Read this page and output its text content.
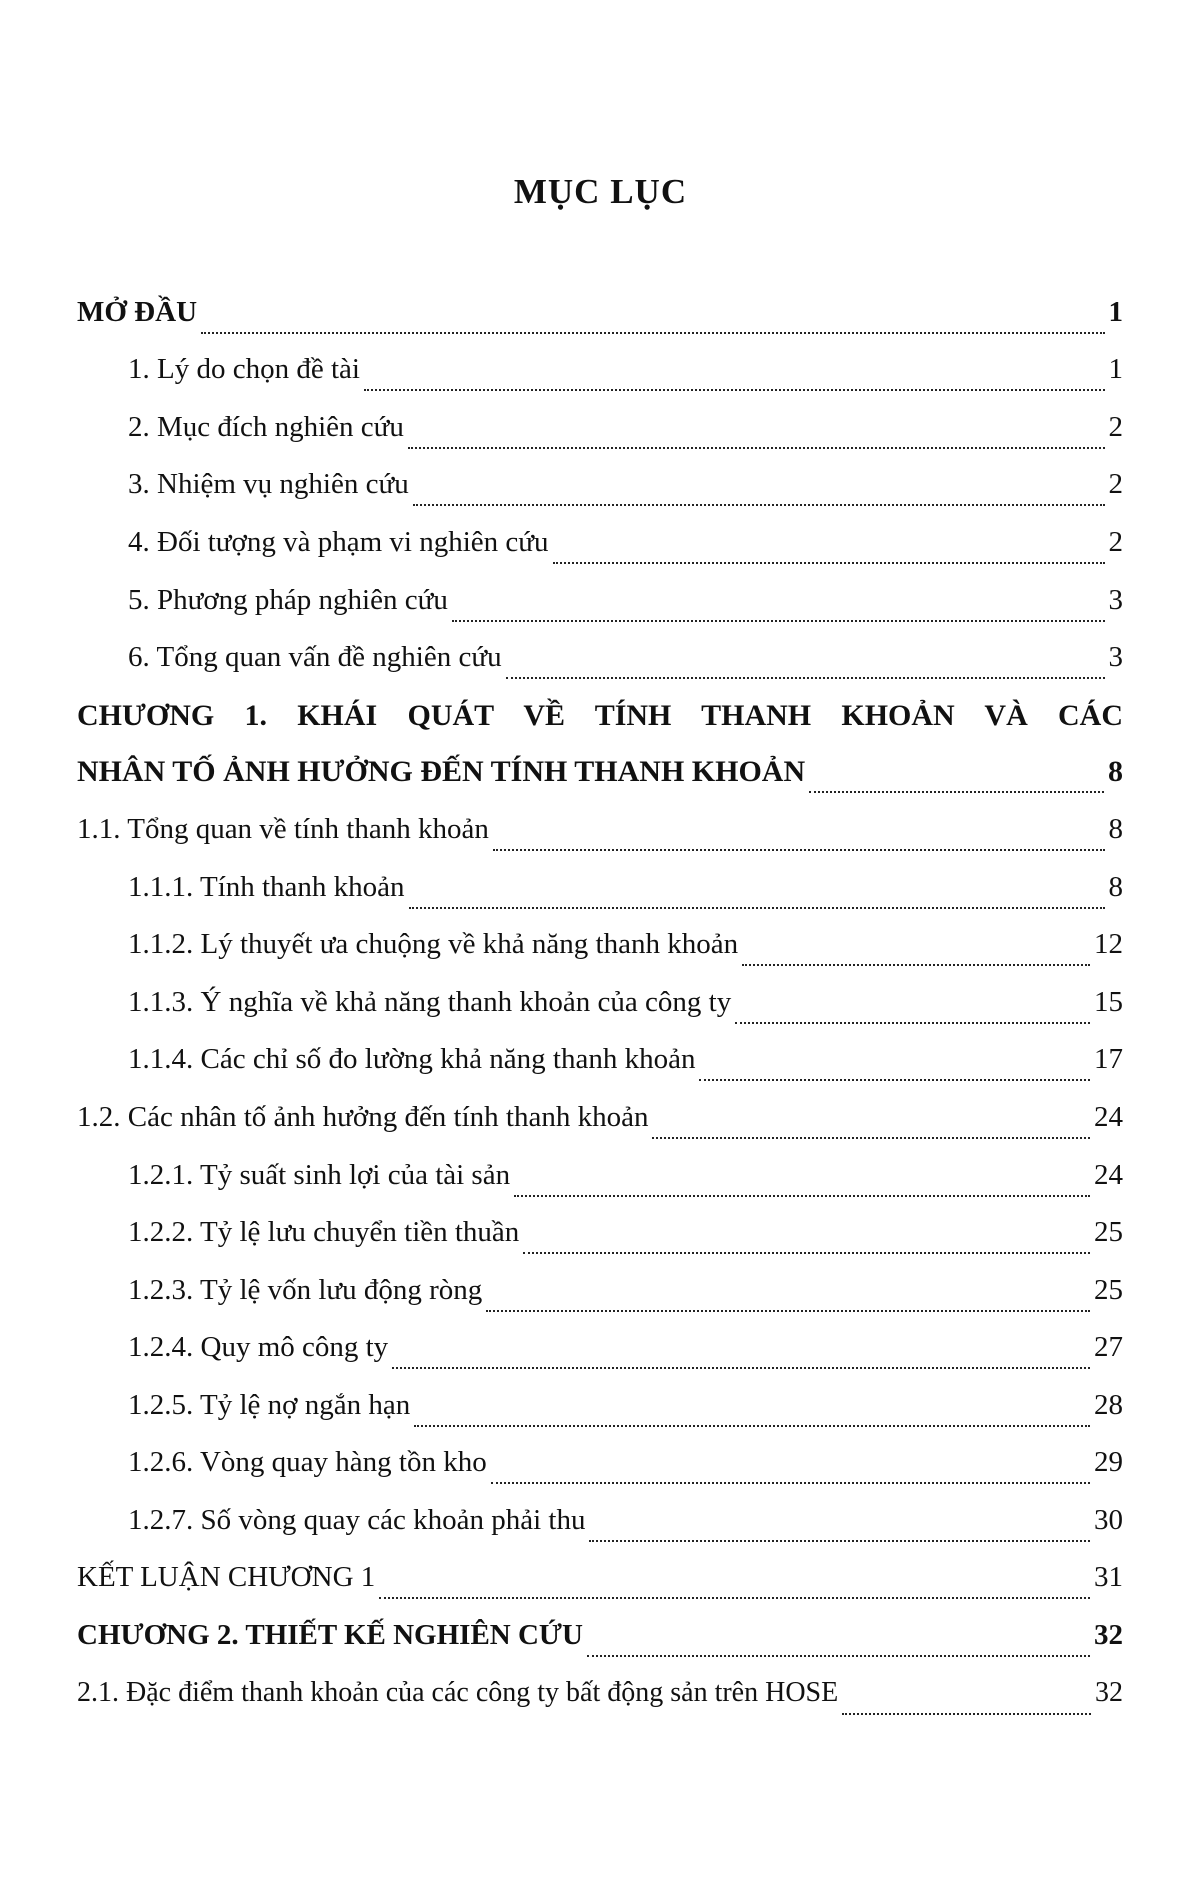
MỤC LỤC
MỞ ĐẦU	1
1. Lý do chọn đề tài	1
2. Mục đích nghiên cứu	2
3. Nhiệm vụ nghiên cứu	2
4. Đối tượng và phạm vi nghiên cứu	2
5. Phương pháp nghiên cứu	3
6. Tổng quan vấn đề nghiên cứu	3
CHƯƠNG 1. KHÁI QUÁT VỀ TÍNH THANH KHOẢN VÀ CÁC
NHÂN TỐ ẢNH HƯỞNG ĐẾN TÍNH THANH KHOẢN	8
1.1. Tổng quan về tính thanh khoản	8
1.1.1. Tính thanh khoản	8
1.1.2. Lý thuyết ưa chuộng về khả năng thanh khoản	12
1.1.3. Ý nghĩa về khả năng thanh khoản của công ty	15
1.1.4. Các chỉ số đo lường khả năng thanh khoản	17
1.2. Các nhân tố ảnh hưởng đến tính thanh khoản	24
1.2.1. Tỷ suất sinh lợi của tài sản	24
1.2.2. Tỷ lệ lưu chuyển tiền thuần	25
1.2.3. Tỷ lệ vốn lưu động ròng	25
1.2.4. Quy mô công ty	27
1.2.5. Tỷ lệ nợ ngắn hạn	28
1.2.6. Vòng quay hàng tồn kho	29
1.2.7. Số vòng quay các khoản phải thu	30
KẾT LUẬN CHƯƠNG 1	31
CHƯƠNG 2. THIẾT KẾ NGHIÊN CỨU	32
2.1. Đặc điểm thanh khoản của các công ty bất động sản trên HOSE	32
